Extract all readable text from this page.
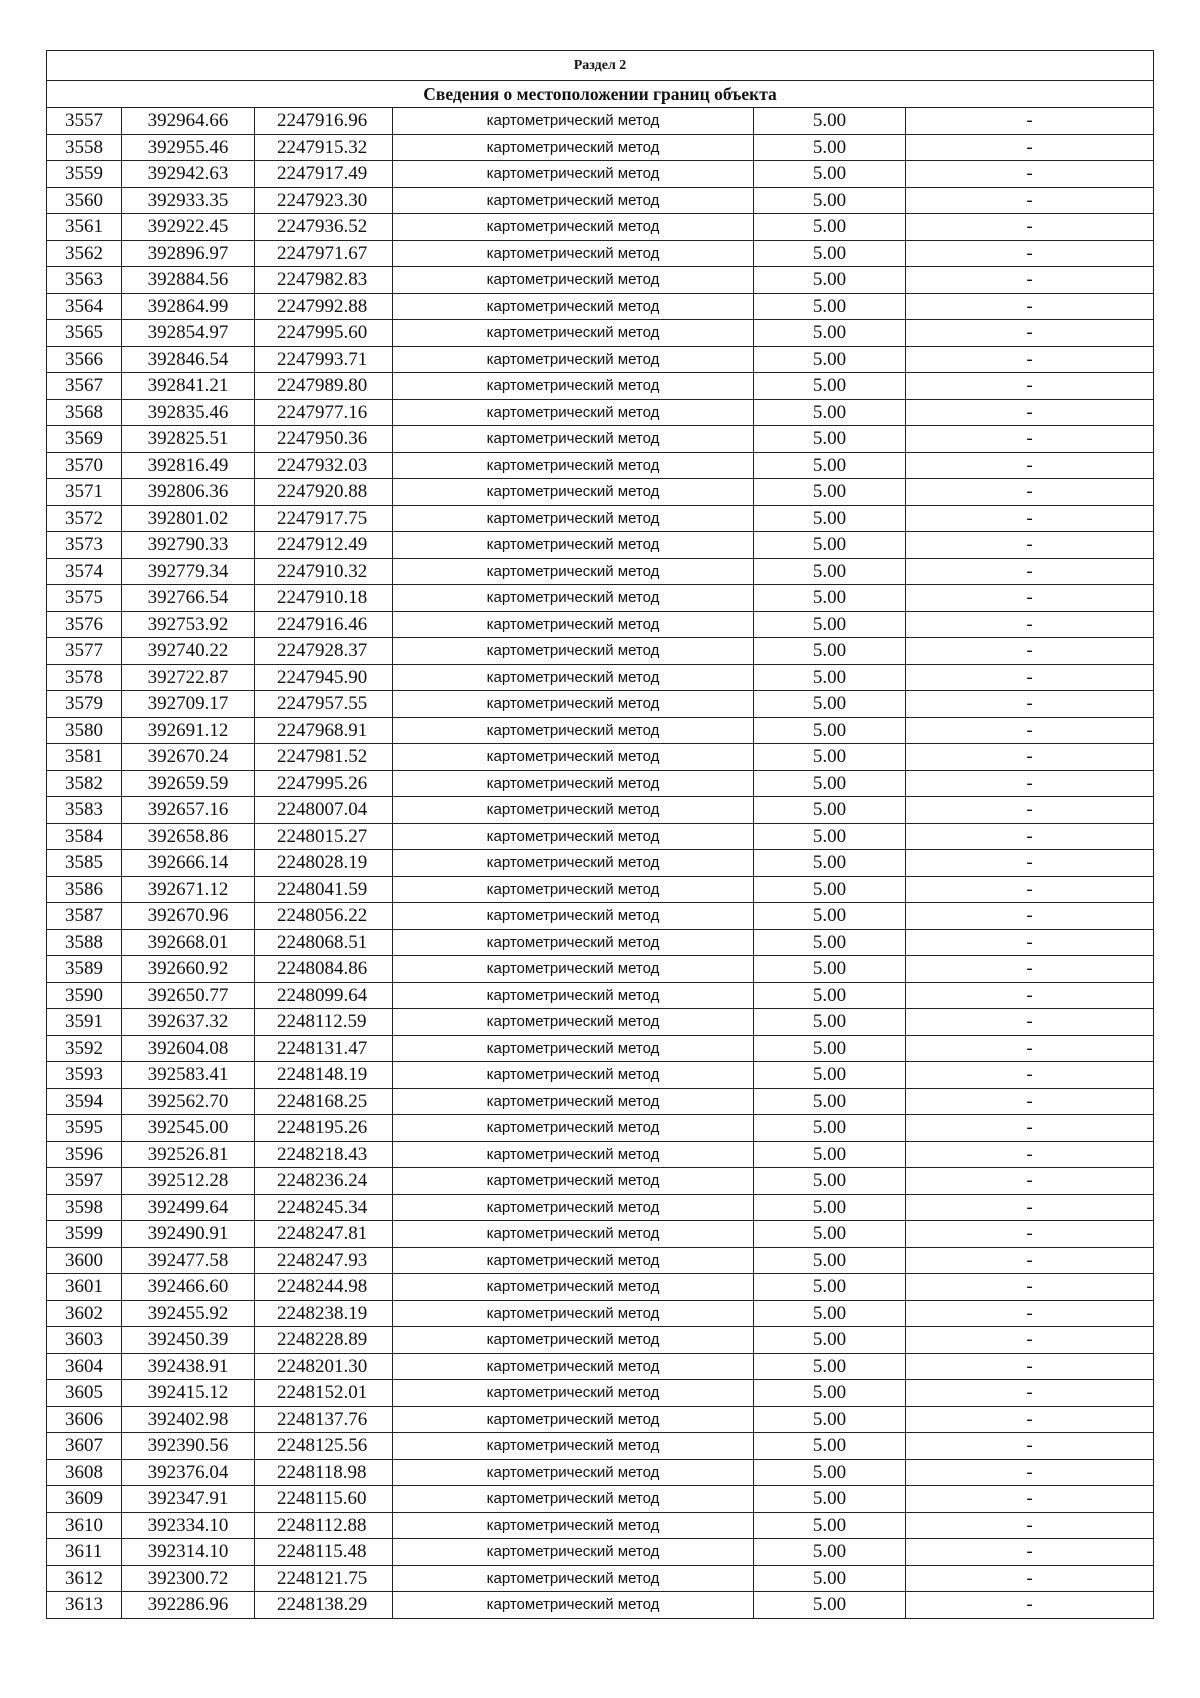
Раздел 2					
Сведения о местоположении границ объекта					
3557	392964.66	2247916.96	картометрический метод	5.00	-
3558	392955.46	2247915.32	картометрический метод	5.00	-
3559	392942.63	2247917.49	картометрический метод	5.00	-
3560	392933.35	2247923.30	картометрический метод	5.00	-
3561	392922.45	2247936.52	картометрический метод	5.00	-
3562	392896.97	2247971.67	картометрический метод	5.00	-
3563	392884.56	2247982.83	картометрический метод	5.00	-
3564	392864.99	2247992.88	картометрический метод	5.00	-
3565	392854.97	2247995.60	картометрический метод	5.00	-
3566	392846.54	2247993.71	картометрический метод	5.00	-
3567	392841.21	2247989.80	картометрический метод	5.00	-
3568	392835.46	2247977.16	картометрический метод	5.00	-
3569	392825.51	2247950.36	картометрический метод	5.00	-
3570	392816.49	2247932.03	картометрический метод	5.00	-
3571	392806.36	2247920.88	картометрический метод	5.00	-
3572	392801.02	2247917.75	картометрический метод	5.00	-
3573	392790.33	2247912.49	картометрический метод	5.00	-
3574	392779.34	2247910.32	картометрический метод	5.00	-
3575	392766.54	2247910.18	картометрический метод	5.00	-
3576	392753.92	2247916.46	картометрический метод	5.00	-
3577	392740.22	2247928.37	картометрический метод	5.00	-
3578	392722.87	2247945.90	картометрический метод	5.00	-
3579	392709.17	2247957.55	картометрический метод	5.00	-
3580	392691.12	2247968.91	картометрический метод	5.00	-
3581	392670.24	2247981.52	картометрический метод	5.00	-
3582	392659.59	2247995.26	картометрический метод	5.00	-
3583	392657.16	2248007.04	картометрический метод	5.00	-
3584	392658.86	2248015.27	картометрический метод	5.00	-
3585	392666.14	2248028.19	картометрический метод	5.00	-
3586	392671.12	2248041.59	картометрический метод	5.00	-
3587	392670.96	2248056.22	картометрический метод	5.00	-
3588	392668.01	2248068.51	картометрический метод	5.00	-
3589	392660.92	2248084.86	картометрический метод	5.00	-
3590	392650.77	2248099.64	картометрический метод	5.00	-
3591	392637.32	2248112.59	картометрический метод	5.00	-
3592	392604.08	2248131.47	картометрический метод	5.00	-
3593	392583.41	2248148.19	картометрический метод	5.00	-
3594	392562.70	2248168.25	картометрический метод	5.00	-
3595	392545.00	2248195.26	картометрический метод	5.00	-
3596	392526.81	2248218.43	картометрический метод	5.00	-
3597	392512.28	2248236.24	картометрический метод	5.00	-
3598	392499.64	2248245.34	картометрический метод	5.00	-
3599	392490.91	2248247.81	картометрический метод	5.00	-
3600	392477.58	2248247.93	картометрический метод	5.00	-
3601	392466.60	2248244.98	картометрический метод	5.00	-
3602	392455.92	2248238.19	картометрический метод	5.00	-
3603	392450.39	2248228.89	картометрический метод	5.00	-
3604	392438.91	2248201.30	картометрический метод	5.00	-
3605	392415.12	2248152.01	картометрический метод	5.00	-
3606	392402.98	2248137.76	картометрический метод	5.00	-
3607	392390.56	2248125.56	картометрический метод	5.00	-
3608	392376.04	2248118.98	картометрический метод	5.00	-
3609	392347.91	2248115.60	картометрический метод	5.00	-
3610	392334.10	2248112.88	картометрический метод	5.00	-
3611	392314.10	2248115.48	картометрический метод	5.00	-
3612	392300.72	2248121.75	картометрический метод	5.00	-
3613	392286.96	2248138.29	картометрический метод	5.00	-
